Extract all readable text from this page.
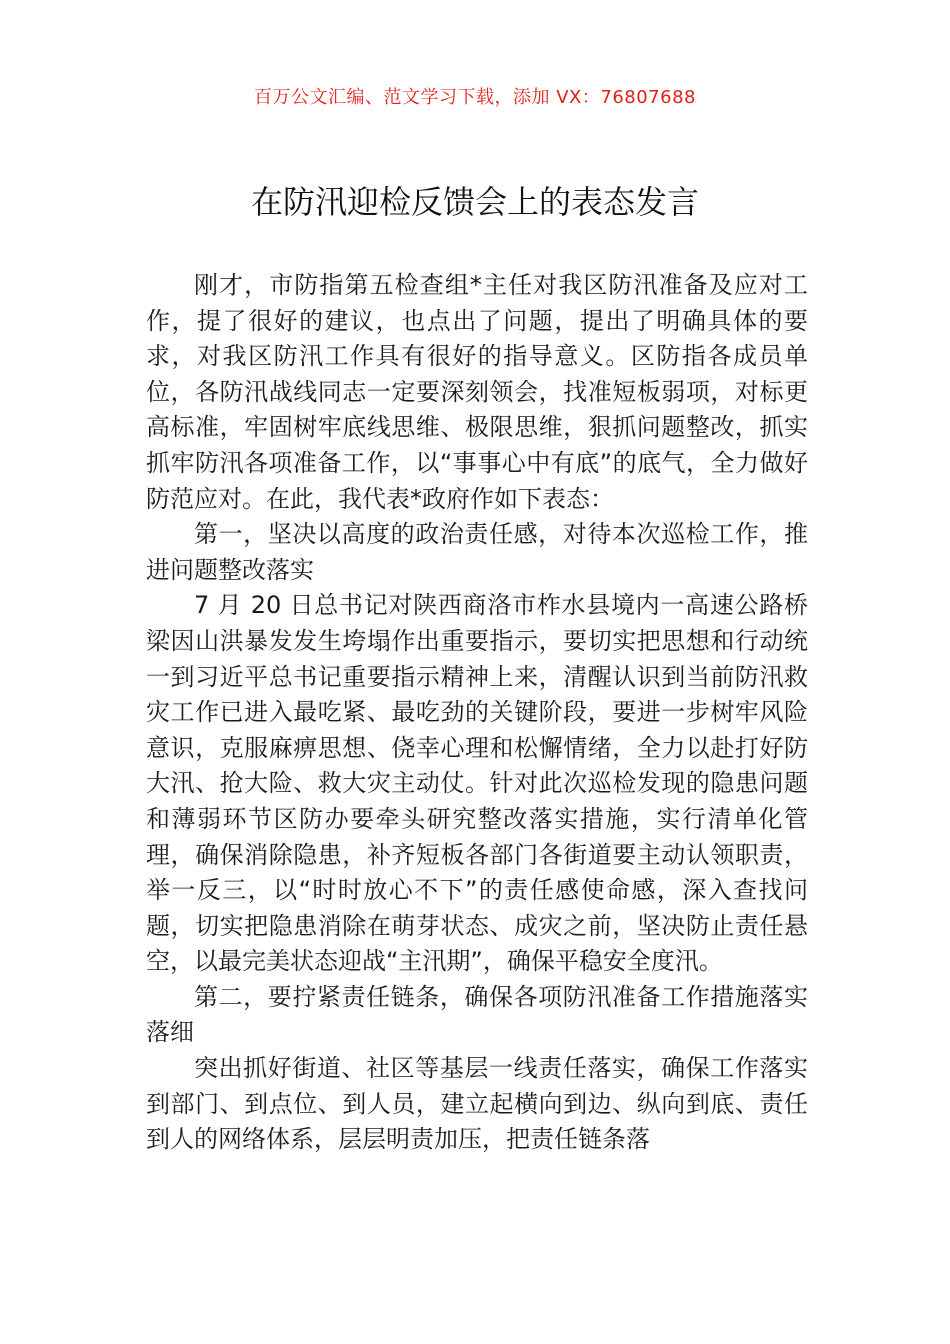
百万公文汇编、范文学习下载，添加 VX：76807688
在防汛迎检反馈会上的表态发言

刚才，市防指第五检查组*主任对我区防汛准备及应对工作，提了很好的建议，也点出了问题，提出了明确具体的要求，对我区防汛工作具有很好的指导意义。区防指各成员单位，各防汛战线同志一定要深刻领会，找准短板弱项，对标更高标准，牢固树牢底线思维、极限思维，狠抓问题整改，抓实抓牢防汛各项准备工作，以“事事心中有底”的底气，全力做好防范应对。在此，我代表*政府作如下表态：

第一，坚决以高度的政治责任感，对待本次巡检工作，推进问题整改落实

7 月 20 日总书记对陕西商洛市柞水县境内一高速公路桥梁因山洪暴发发生垮塌作出重要指示，要切实把思想和行动统一到习近平总书记重要指示精神上来，清醒认识到当前防汛救灾工作已进入最吃紧、最吃劲的关键阶段，要进一步树牢风险意识，克服麻痹思想、侥幸心理和松懈情绪，全力以赴打好防大汛、抢大险、救大灾主动仗。针对此次巡检发现的隐患问题和薄弱环节区防办要牵头研究整改落实措施，实行清单化管理，确保消除隐患，补齐短板各部门各街道要主动认领职责，举一反三，以“时时放心不下”的责任感使命感，深入查找问题，切实把隐患消除在萌芽状态、成灾之前，坚决防止责任悬空，以最完美状态迎战“主汛期”，确保平稳安全度汛。

第二，要拧紧责任链条，确保各项防汛准备工作措施落实落细

突出抓好街道、社区等基层一线责任落实，确保工作落实到部门、到点位、到人员，建立起横向到边、纵向到底、责任到人的网络体系，层层明责加压，把责任链条落
